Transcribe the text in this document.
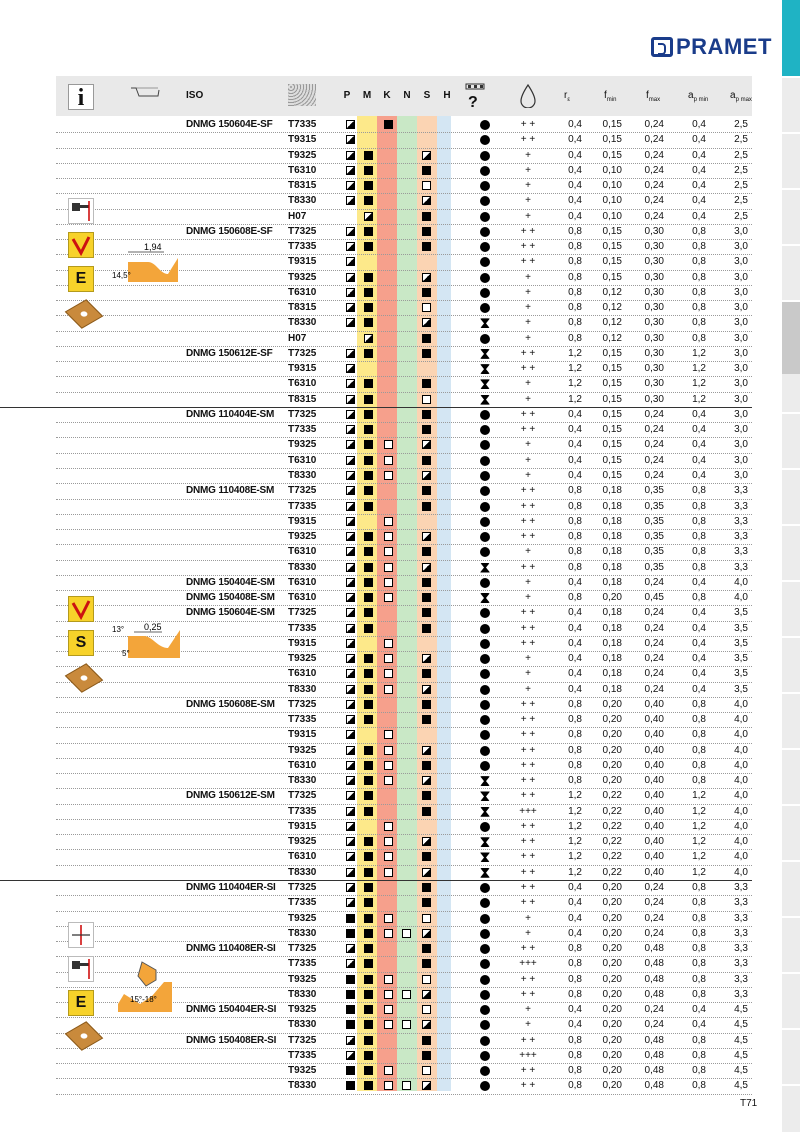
PRAMET
ISO	?
P	M	K	N	S	H	$r_\varepsilon$	$f_{min}$	$f_{max}$	$a_{p min}$ $a_{p max}$
i
DNMG 150604E-SF T7335	+ +	0,4	0,15	0,24	0,4	2,5
T9315	+ +	0,4	0,15	0,24	0,4	2,5
T9325	+	0,4	0,15	0,24	0,4	2,5
T6310	+	0,4	0,10	0,24	0,4	2,5
T8315	+	0,4	0,10	0,24	0,4	2,5
T8330	+	0,4	0,10	0,24	0,4	2,5
H07	+	0,4	0,10	0,24	0,4	2,5
DNMG 150608E-SF T7325	+ +	0,8	0,15	0,30	0,8	3,0
T7335	+ +	0,8	0,15	0,30	0,8	3,0
T9315	+ +	0,8	0,15	0,30	0,8	3,0
T9325	+	0,8	0,15	0,30	0,8	3,0
T6310	+	0,8	0,12	0,30	0,8	3,0
T8315	+	0,8	0,12	0,30	0,8	3,0
T8330	+	0,8	0,12	0,30	0,8	3,0
H07	+	0,8	0,12	0,30	0,8	3,0
DNMG 150612E-SF T7325	+ +	1,2	0,15	0,30	1,2	3,0
T9315	+ +	1,2	0,15	0,30	1,2	3,0
T6310	+	1,2	0,15	0,30	1,2	3,0
T8315	+	1,2	0,15	0,30	1,2	3,0
DNMG 110404E-SM T7325	+ +	0,4	0,15	0,24	0,4	3,0
T7335	+ +	0,4	0,15	0,24	0,4	3,0
T9325	+	0,4	0,15	0,24	0,4	3,0
T6310	+	0,4	0,15	0,24	0,4	3,0
T8330	+	0,4	0,15	0,24	0,4	3,0
DNMG 110408E-SM T7325	+ +	0,8	0,18	0,35	0,8	3,3
T7335	+ +	0,8	0,18	0,35	0,8	3,3
T9315	+ +	0,8	0,18	0,35	0,8	3,3
T9325	+ +	0,8	0,18	0,35	0,8	3,3
T6310	+	0,8	0,18	0,35	0,8	3,3
T8330	+ +	0,8	0,18	0,35	0,8	3,3
DNMG 150404E-SM T6310	+	0,4	0,18	0,24	0,4	4,0
DNMG 150408E-SM T6310	+	0,8	0,20	0,45	0,8	4,0
DNMG 150604E-SM T7325	+ +	0,4	0,18	0,24	0,4	3,5
T7335	+ +	0,4	0,18	0,24	0,4	3,5
T9315	+ +	0,4	0,18	0,24	0,4	3,5
T9325	+	0,4	0,18	0,24	0,4	3,5
T6310	+	0,4	0,18	0,24	0,4	3,5
T8330	+	0,4	0,18	0,24	0,4	3,5
DNMG 150608E-SM T7325	+ +	0,8	0,20	0,40	0,8	4,0
T7335	+ +	0,8	0,20	0,40	0,8	4,0
T9315	+ +	0,8	0,20	0,40	0,8	4,0
T9325	+ +	0,8	0,20	0,40	0,8	4,0
T6310	+ +	0,8	0,20	0,40	0,8	4,0
T8330	+ +	0,8	0,20	0,40	0,8	4,0
DNMG 150612E-SM T7325	+ +	1,2	0,22	0,40	1,2	4,0
T7335	+++	1,2	0,22	0,40	1,2	4,0
T9315	+ +	1,2	0,22	0,40	1,2	4,0
T9325	+ +	1,2	0,22	0,40	1,2	4,0
T6310	+ +	1,2	0,22	0,40	1,2	4,0
T8330	+ +	1,2	0,22	0,40	1,2	4,0
DNMG 110404ER-SI T7325	+ +	0,4	0,20	0,24	0,8	3,3
T7335	+ +	0,4	0,20	0,24	0,8	3,3
T9325	+	0,4	0,20	0,24	0,8	3,3
T8330	+	0,4	0,20	0,24	0,8	3,3
DNMG 110408ER-SI T7325	+ +	0,8	0,20	0,48	0,8	3,3
T7335	+++	0,8	0,20	0,48	0,8	3,3
T9325	+ +	0,8	0,20	0,48	0,8	3,3
T8330	+ +	0,8	0,20	0,48	0,8	3,3
DNMG 150404ER-SI T9325	+	0,4	0,20	0,24	0,4	4,5
T8330	+	0,4	0,20	0,24	0,4	4,5
DNMG 150408ER-SI T7325	+ +	0,8	0,20	0,48	0,8	4,5
T7335	+++	0,8	0,20	0,48	0,8	4,5
T9325	+ +	0,8	0,20	0,48	0,8	4,5
T8330	+ +	0,8	0,20	0,48	0,8	4,5
E
1,94
14,5°
S
0,25
13°
5°
E	15°-18°
T71
